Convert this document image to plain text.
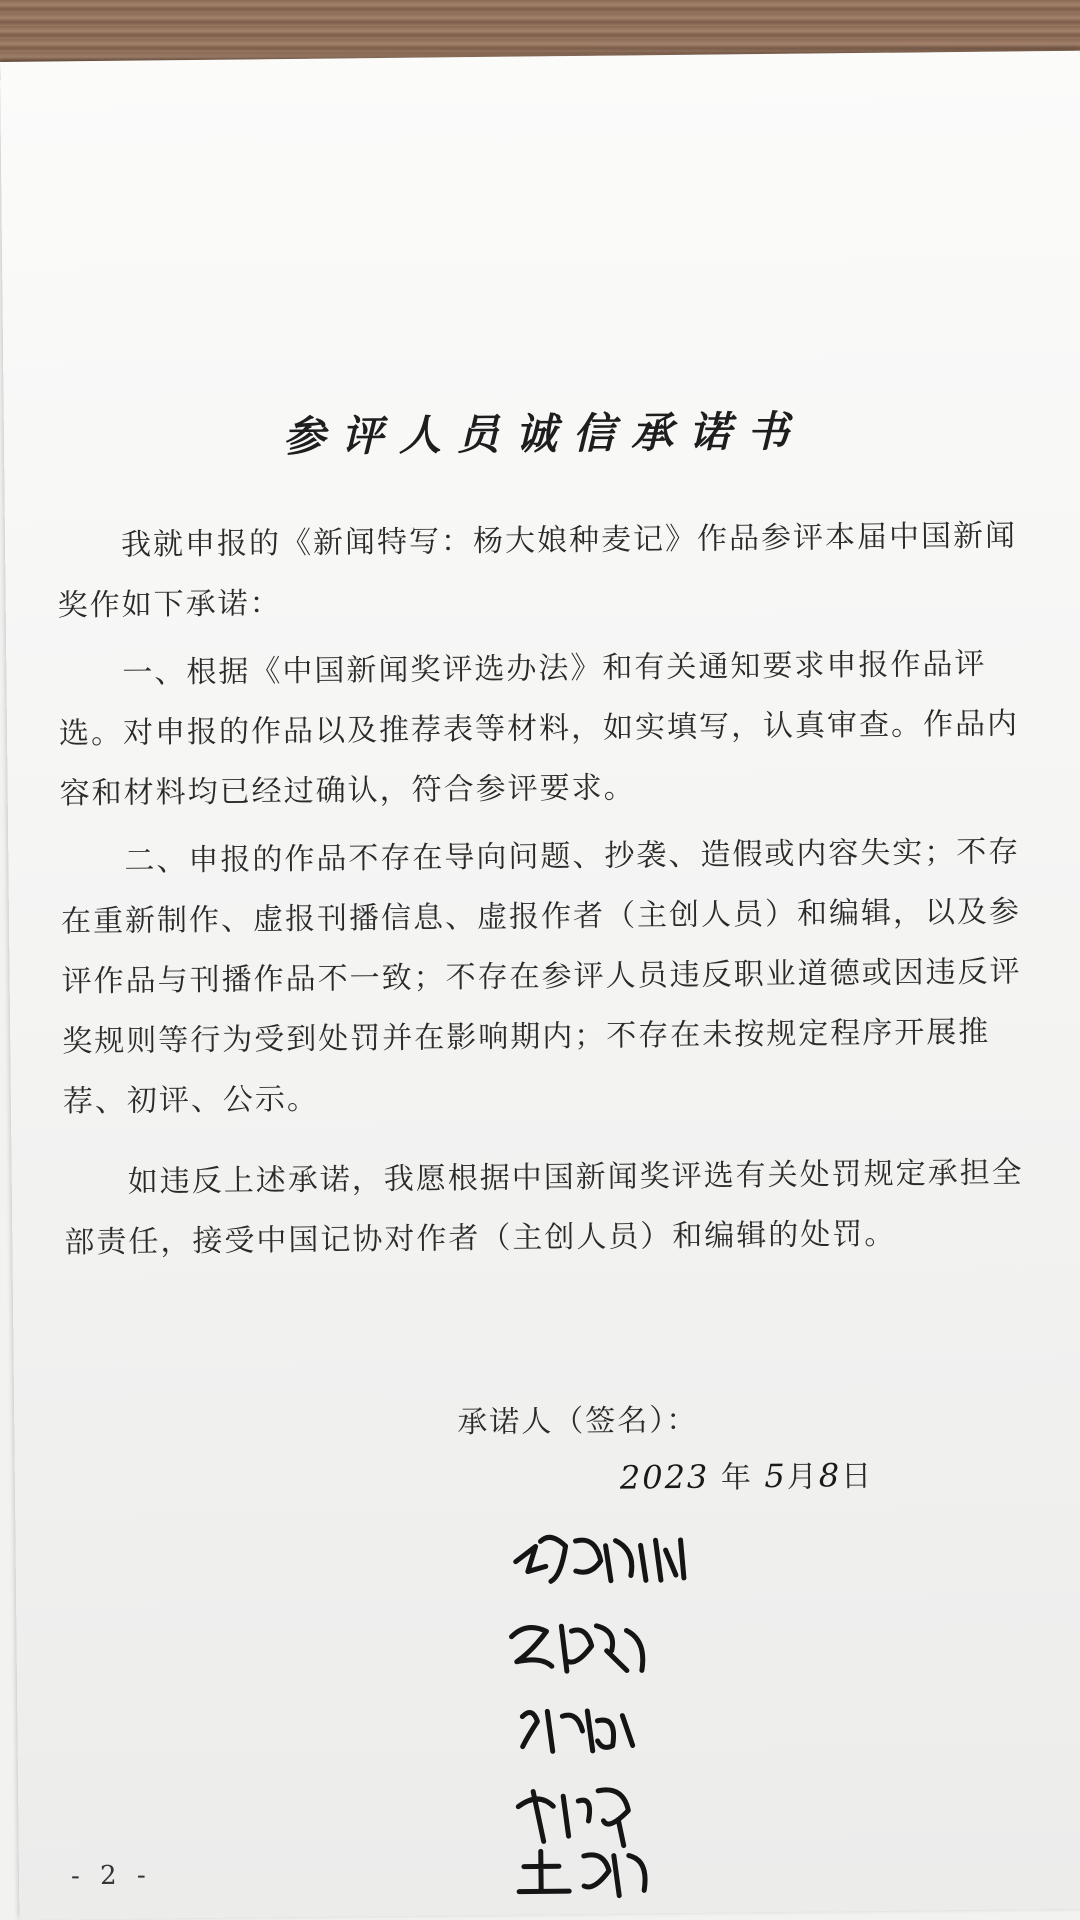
参评人员诚信承诺书

我就申报的《新闻特写：杨大娘种麦记》作品参评本届中国新闻奖作如下承诺：

一、根据《中国新闻奖评选办法》和有关通知要求申报作品评选。对申报的作品以及推荐表等材料，如实填写，认真审查。作品内容和材料均已经过确认，符合参评要求。

二、申报的作品不存在导向问题、抄袭、造假或内容失实；不存在重新制作、虚报刊播信息、虚报作者（主创人员）和编辑，以及参评作品与刊播作品不一致；不存在参评人员违反职业道德或因违反评奖规则等行为受到处罚并在影响期内；不存在未按规定程序开展推荐、初评、公示。

如违反上述承诺，我愿根据中国新闻奖评选有关处罚规定承担全部责任，接受中国记协对作者（主创人员）和编辑的处罚。

承诺人（签名）：
2023 年 5月8日
- 2 -
